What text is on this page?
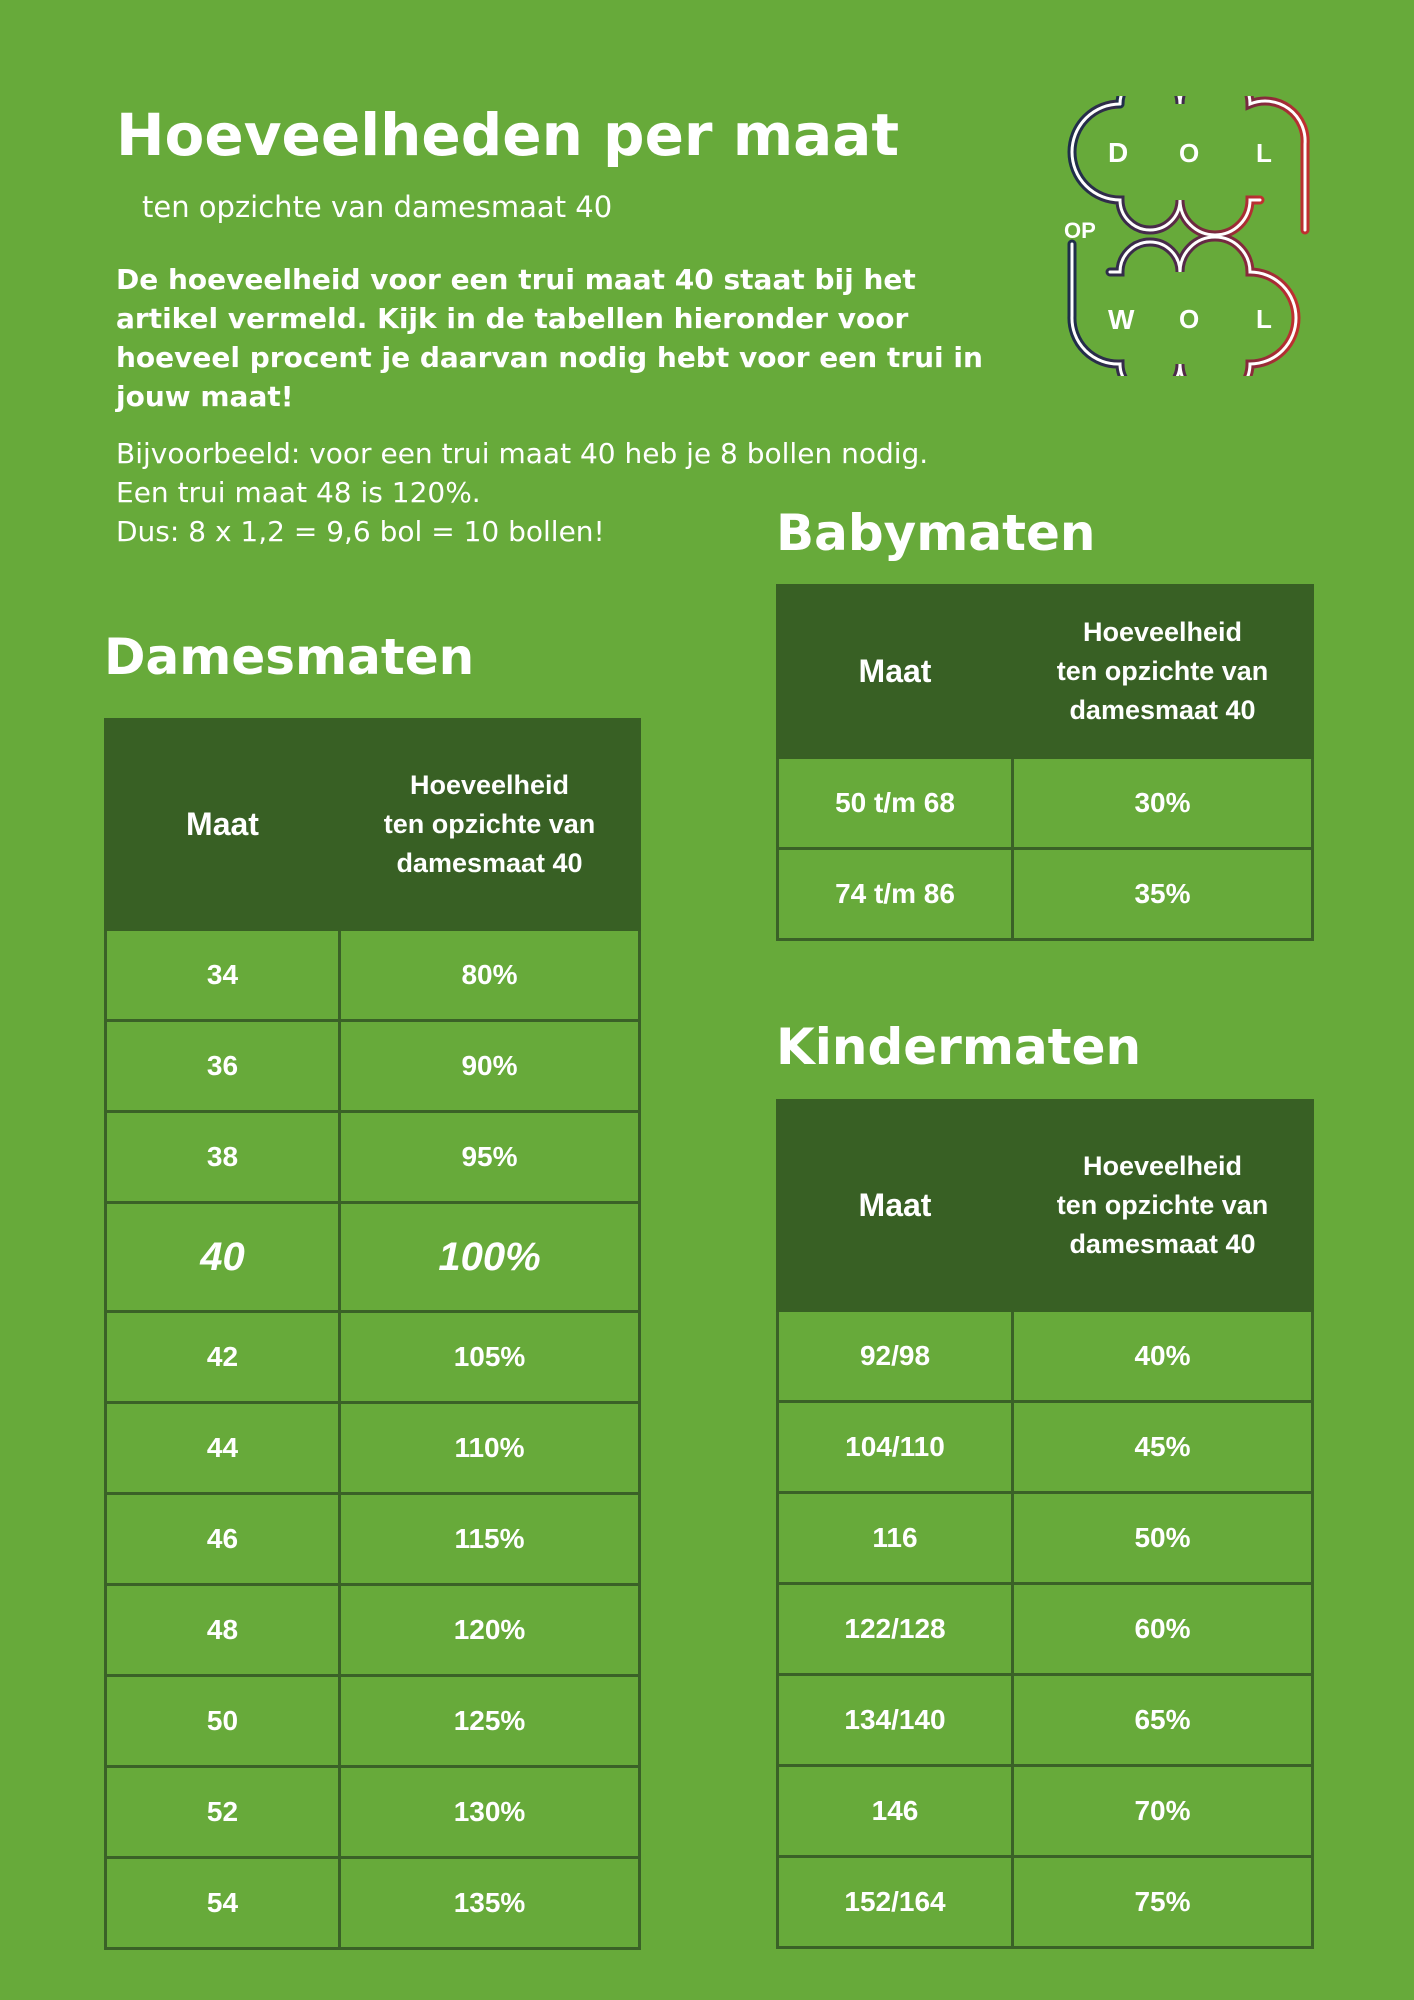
Hoeveelheden per maat

ten opzichte van damesmaat 40

De hoeveelheid voor een trui maat 40 staat bij het artikel vermeld. Kijk in de tabellen hieronder voor hoeveel procent je daarvan nodig hebt voor een trui in jouw maat!

Bijvoorbeeld: voor een trui maat 40 heb je 8 bollen nodig.
Een trui maat 48 is 120%.
Dus: 8 x 1,2 = 9,6 bol = 10 bollen!
D O L
OP
W O L
Damesmaten
Maat	Hoeveelheid
ten opzichte van
damesmaat 40

34	80%
36	90%
38	95%
40	100%
42	105%
44	110%
46	115%
48	120%
50	125%
52	130%
54	135%
Babymaten
Maat	Hoeveelheid
ten opzichte van
damesmaat 40

50 t/m 68	30%
74 t/m 86	35%
Kindermaten
Maat	Hoeveelheid
ten opzichte van
damesmaat 40

92/98	40%
104/110	45%
116	50%
122/128	60%
134/140	65%
146	70%
152/164	75%
